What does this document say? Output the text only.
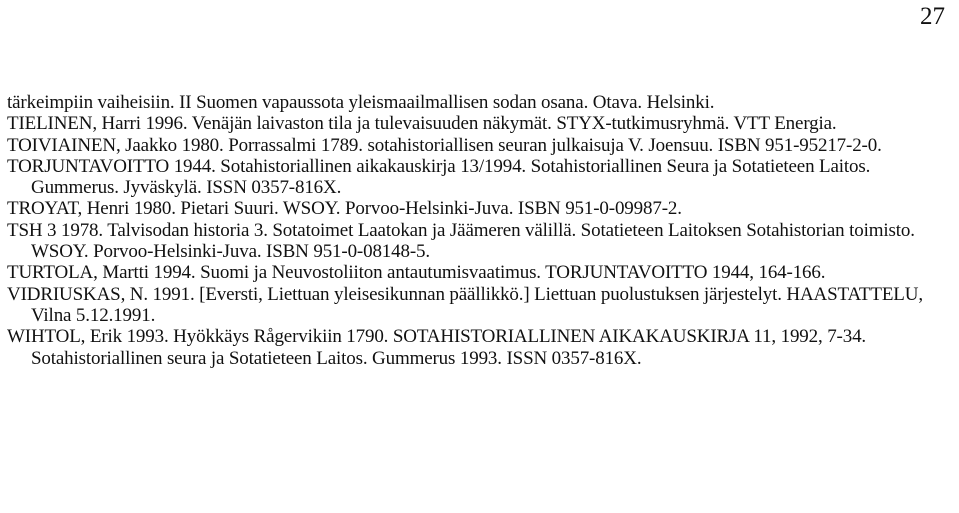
27

tärkeimpiin vaiheisiin. II Suomen vapaussota yleismaailmallisen sodan osana. Otava. Helsinki.

TIELINEN, Harri 1996. Venäjän laivaston tila ja tulevaisuuden näkymät. STYX-tutkimusryhmä. VTT Energia.

TOIVIAINEN, Jaakko 1980. Porrassalmi 1789. sotahistoriallisen seuran julkaisuja V. Joensuu. ISBN 951-95217-2-0.

TORJUNTAVOITTO 1944. Sotahistoriallinen aikakauskirja 13/1994. Sotahistoriallinen Seura ja Sotatieteen Laitos. Gummerus. Jyväskylä. ISSN 0357-816X.

TROYAT, Henri 1980. Pietari Suuri. WSOY. Porvoo-Helsinki-Juva. ISBN 951-0-09987-2.

TSH 3 1978. Talvisodan historia 3. Sotatoimet Laatokan ja Jäämeren välillä. Sotatieteen Laitoksen Sotahistorian toimisto. WSOY. Porvoo-Helsinki-Juva. ISBN 951-0-08148-5.

TURTOLA, Martti 1994. Suomi ja Neuvostoliiton antautumisvaatimus. TORJUNTAVOITTO 1944, 164-166.

VIDRIUSKAS, N. 1991. [Eversti, Liettuan yleisesikunnan päällikkö.] Liettuan puolustuksen järjestelyt. HAASTATTELU, Vilna 5.12.1991.

WIHTOL, Erik 1993. Hyökkäys Rågervikiin 1790. SOTAHISTORIALLINEN AIKAKAUSKIRJA 11, 1992, 7-34. Sotahistoriallinen seura ja Sotatieteen Laitos. Gummerus 1993. ISSN 0357-816X.
